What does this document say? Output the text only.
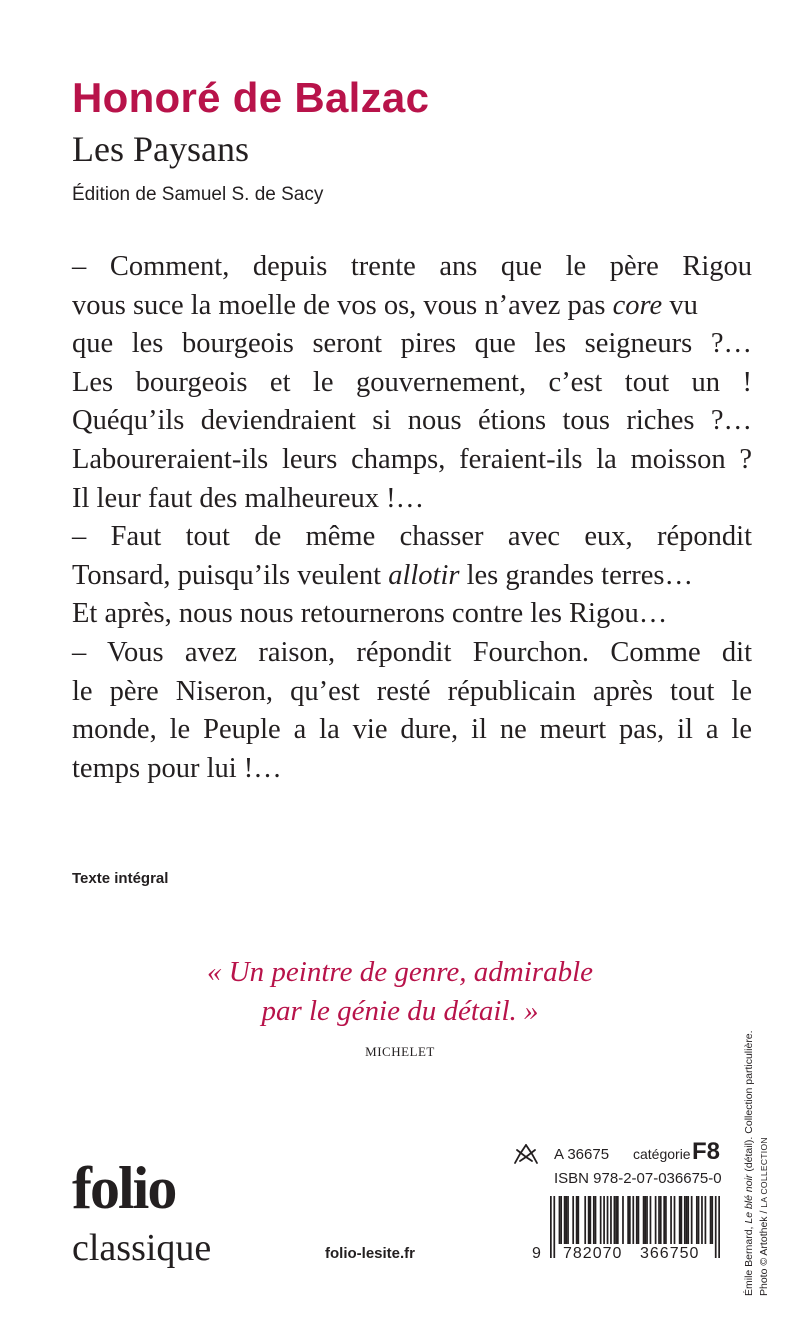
Honoré de Balzac
Les Paysans
Édition de Samuel S. de Sacy
– Comment, depuis trente ans que le père Rigou
vous suce la moelle de vos os, vous n’avez pas core vu
que les bourgeois seront pires que les seigneurs ?…
Les bourgeois et le gouvernement, c’est tout un !
Quéqu’ils deviendraient si nous étions tous riches ?…
Laboureraient-ils leurs champs, feraient-ils la moisson ?
Il leur faut des malheureux !…
– Faut tout de même chasser avec eux, répondit
Tonsard, puisqu’ils veulent allotir les grandes terres…
Et après, nous nous retournerons contre les Rigou…
– Vous avez raison, répondit Fourchon. Comme dit
le père Niseron, qu’est resté républicain après tout le
monde, le Peuple a la vie dure, il ne meurt pas, il a le
temps pour lui !…
Texte intégral
« Un peintre de genre, admirable
par le génie du détail. »
MICHELET
folio
classique	folio-lesite.fr
A 36675 catégorie F8
ISBN 978-2-07-036675-0
9 782070 366750	Émile Bernard, Le blé noir (détail). Collection particulière.
Photo © Artothek / LA COLLECTION
